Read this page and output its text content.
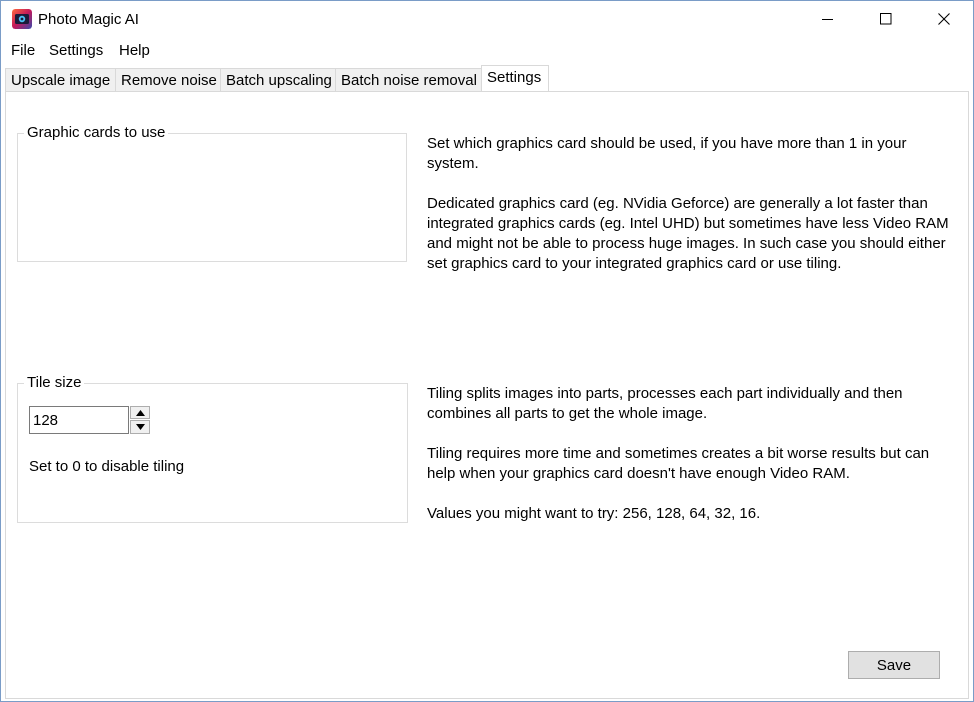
Photo Magic AI
File Settings Help
Upscale image Remove noise Batch upscaling Batch noise removal Settings
Graphic cards to use

Set which graphics card should be used, if you have more than 1 in your system.

Dedicated graphics card (eg. NVidia Geforce) are generally a lot faster than integrated graphics cards (eg. Intel UHD) but sometimes have less Video RAM and might not be able to process huge images. In such case you should either set graphics card to your integrated graphics card or use tiling.

Tile size
128
Set to 0 to disable tiling

Tiling splits images into parts, processes each part individually and then combines all parts to get the whole image.

Tiling requires more time and sometimes creates a bit worse results but can help when your graphics card doesn't have enough Video RAM.

Values you might want to try: 256, 128, 64, 32, 16.

Save
